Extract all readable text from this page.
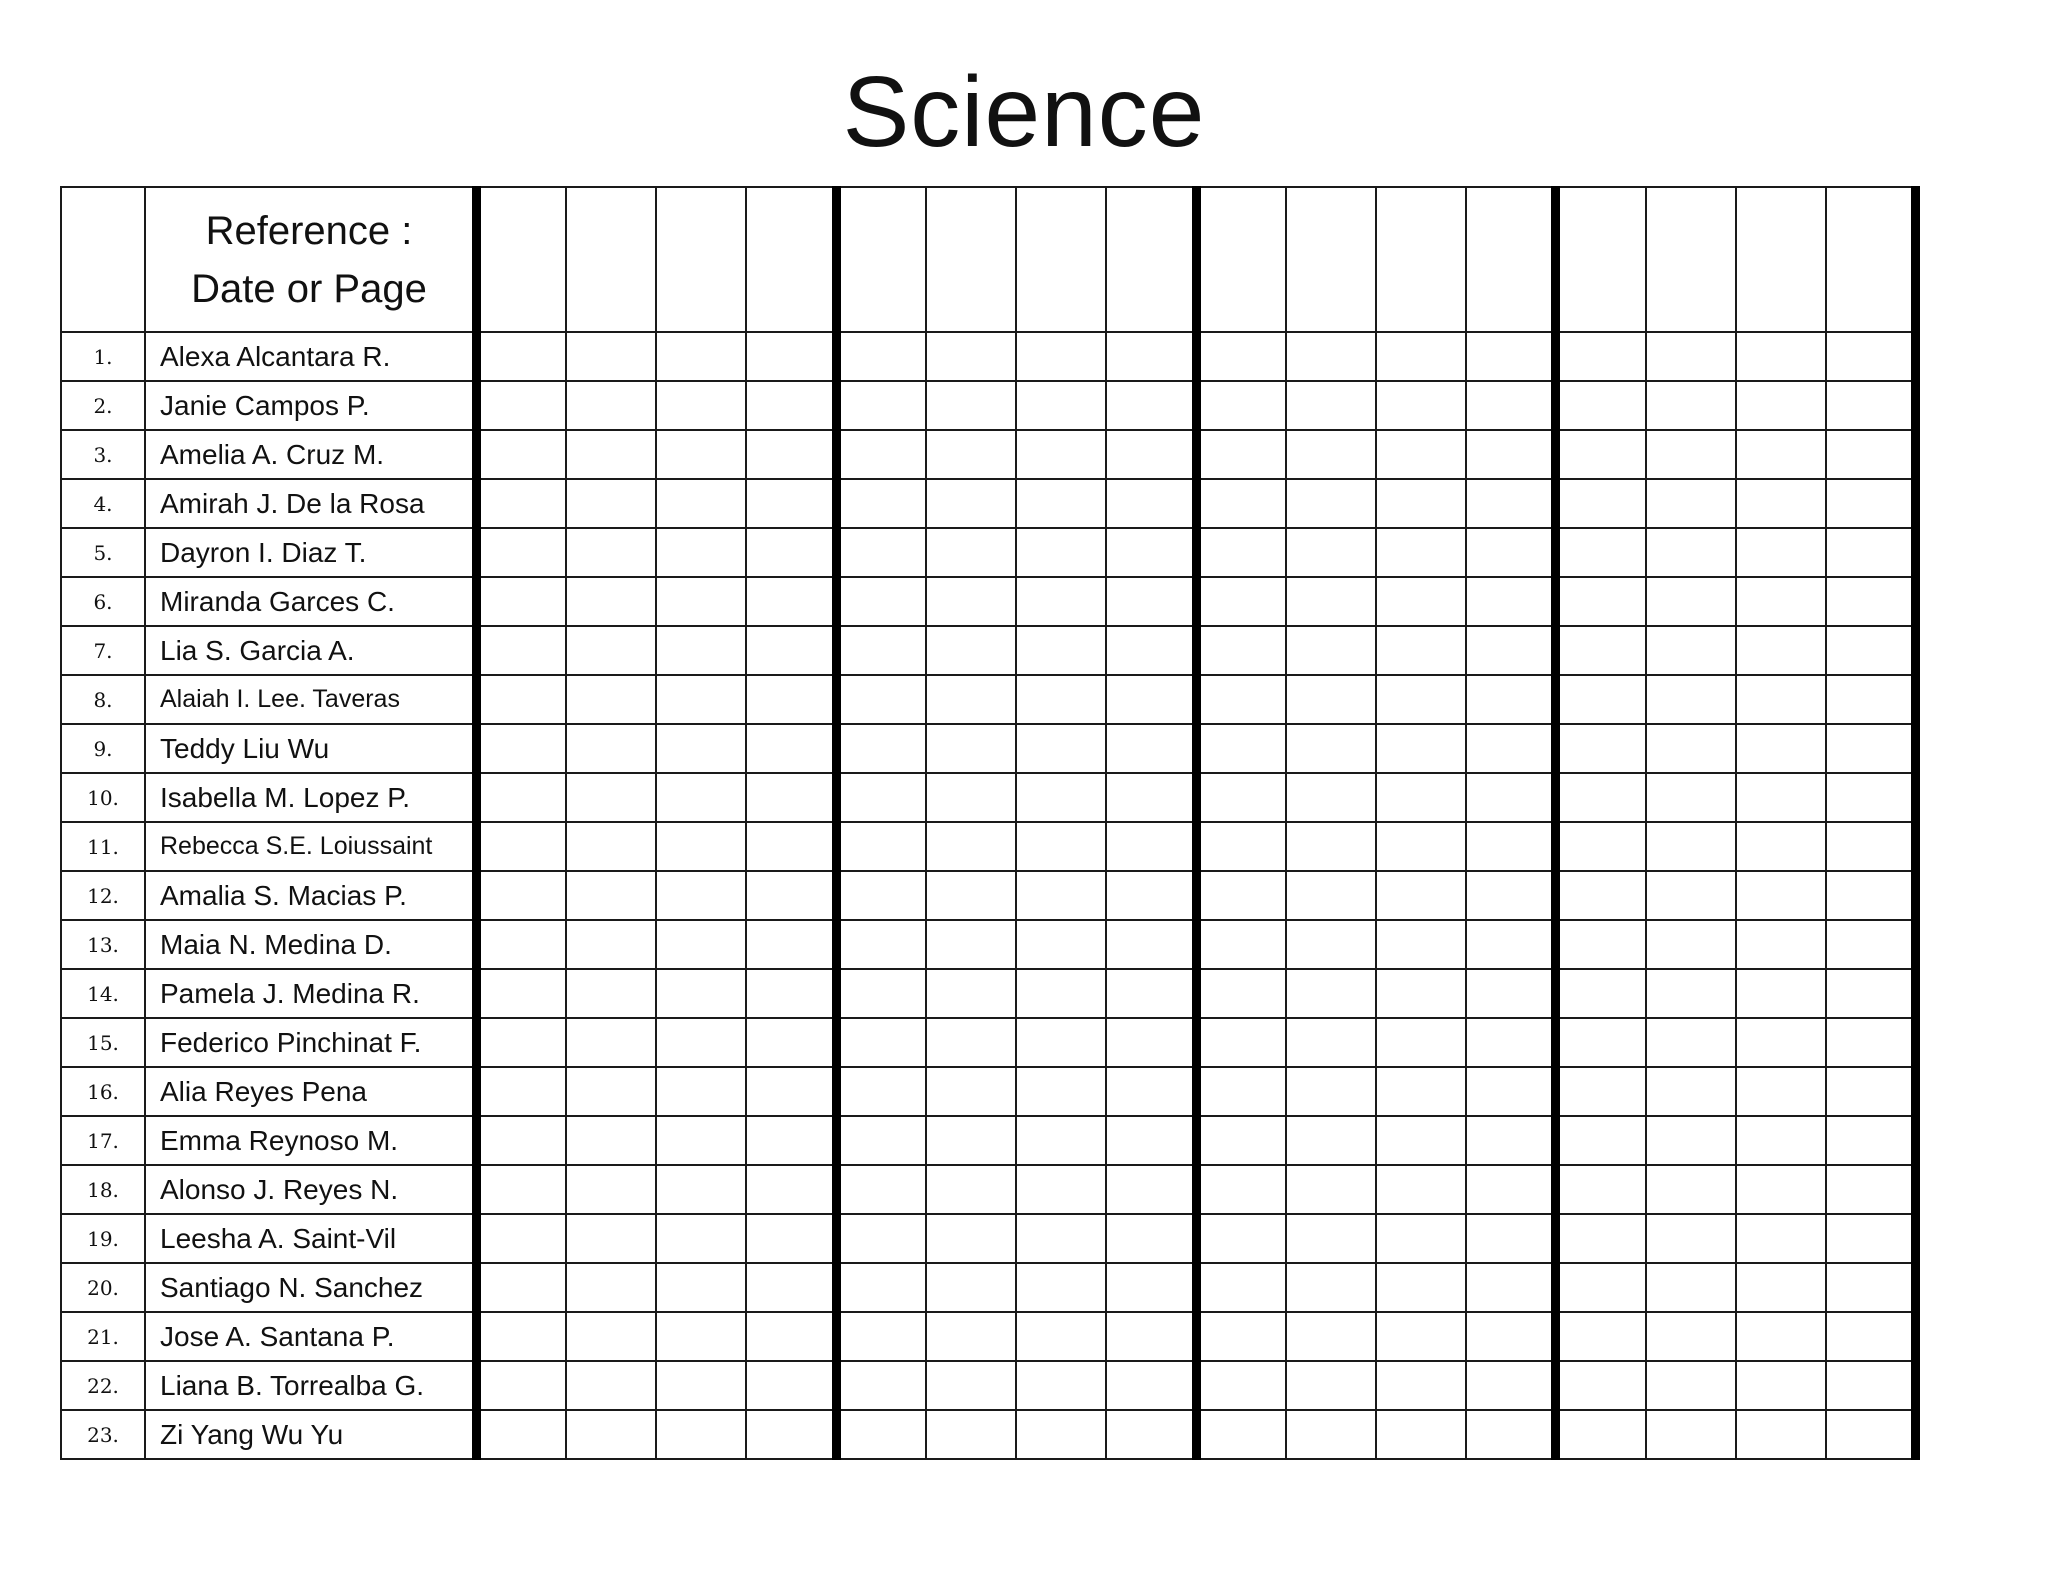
Science

	Reference :
Date or Page																

1.	Alexa Alcantara R.																
2.	Janie Campos P.																
3.	Amelia A. Cruz M.																
4.	Amirah J. De la Rosa																
5.	Dayron I. Diaz T.																
6.	Miranda Garces C.																
7.	Lia S. Garcia A.																
8.	Alaiah I. Lee. Taveras																
9.	Teddy Liu Wu																
10.	Isabella M. Lopez P.																
11.	Rebecca S.E. Loiussaint																
12.	Amalia S. Macias P.																
13.	Maia N. Medina D.																
14.	Pamela J. Medina R.																
15.	Federico Pinchinat F.																
16.	Alia Reyes Pena																
17.	Emma Reynoso M.																
18.	Alonso J. Reyes N.																
19.	Leesha A. Saint-Vil																
20.	Santiago N. Sanchez																
21.	Jose A. Santana P.																
22.	Liana B. Torrealba G.																
23.	Zi Yang Wu Yu																
